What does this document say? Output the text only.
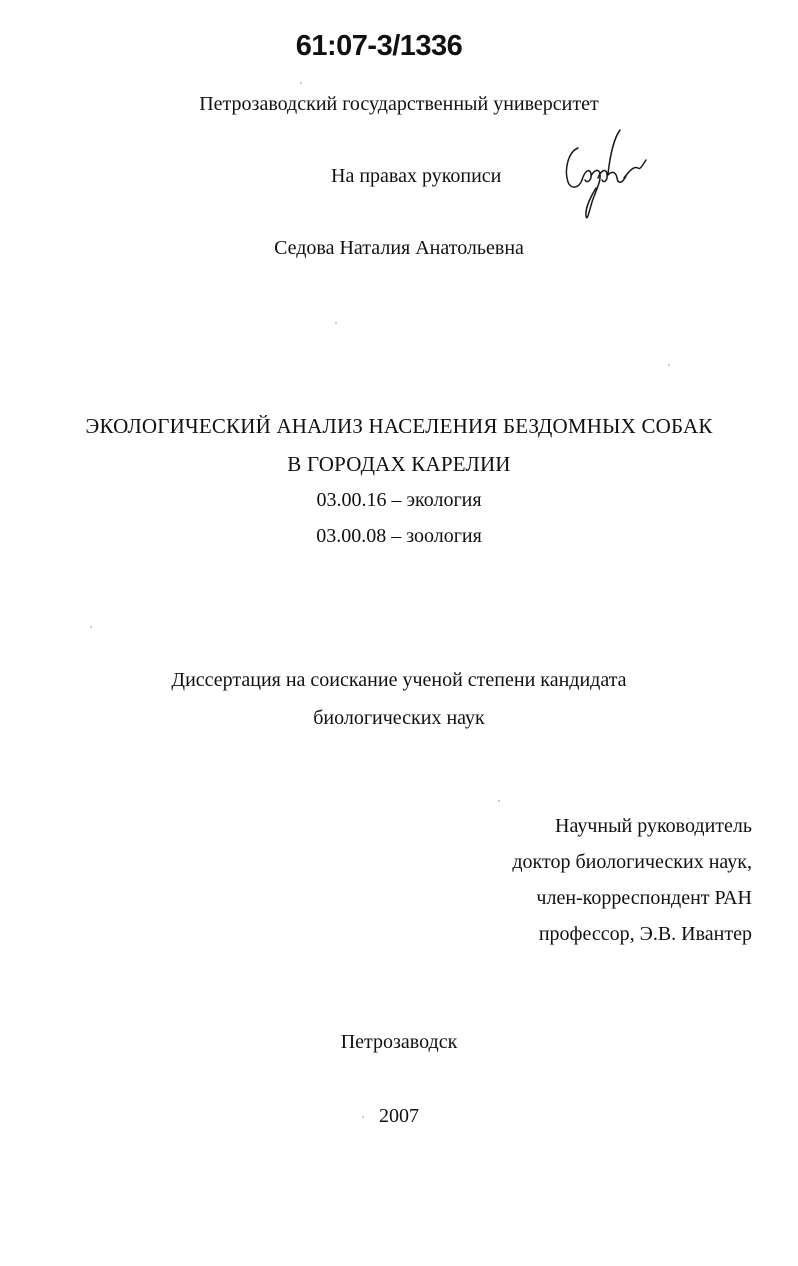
61:07-3/1336
Петрозаводский государственный университет
На правах рукописи
Седова Наталия Анатольевна
ЭКОЛОГИЧЕСКИЙ АНАЛИЗ НАСЕЛЕНИЯ БЕЗДОМНЫХ СОБАК
В ГОРОДАХ КАРЕЛИИ
03.00.16 – экология
03.00.08 – зоология
Диссертация на соискание ученой степени кандидата
биологических наук
Научный руководитель
доктор биологических наук,
член-корреспондент РАН
профессор, Э.В. Ивантер
Петрозаводск
2007
